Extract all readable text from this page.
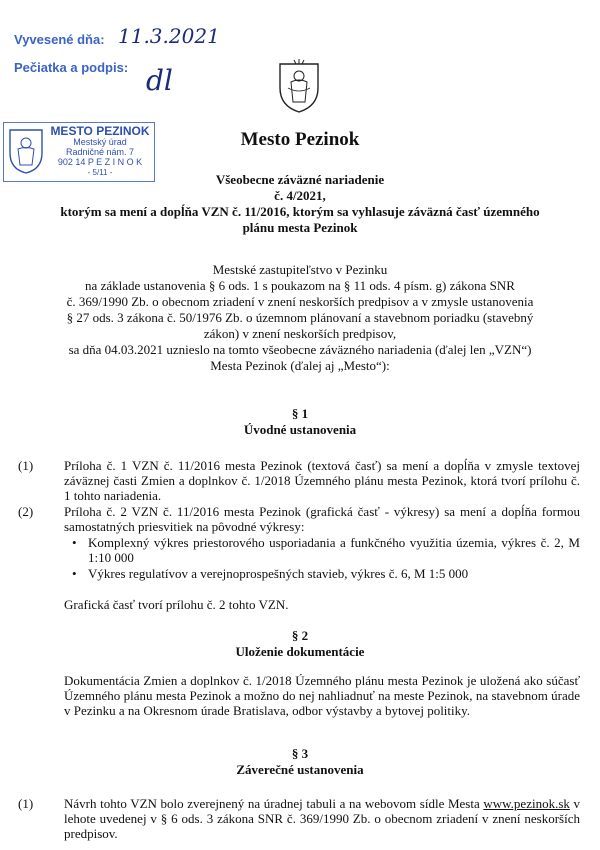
Vyvesené dňa: 11.3.2021
Pečiatka a podpis: dl
MESTO PEZINOK
Mestský úrad
Radničné nám. 7
902 14 P E Z I N O K
- 5/11 -
Mesto Pezinok
Všeobecne záväzné nariadenie
č. 4/2021,
ktorým sa mení a dopĺňa VZN č. 11/2016, ktorým sa vyhlasuje záväzná časť územného
plánu mesta Pezinok
Mestské zastupiteľstvo v Pezinku
na základe ustanovenia § 6 ods. 1 s poukazom na § 11 ods. 4 písm. g) zákona SNR
č. 369/1990 Zb. o obecnom zriadení v znení neskorších predpisov a v zmysle ustanovenia
§ 27 ods. 3 zákona č. 50/1976 Zb. o územnom plánovaní a stavebnom poriadku (stavebný
zákon) v znení neskorších predpisov,
sa dňa 04.03.2021 uznieslo na tomto všeobecne záväzného nariadenia (ďalej len „VZN“)
Mesta Pezinok (ďalej aj „Mesto“):
§ 1
Úvodné ustanovenia
(1) Príloha č. 1 VZN č. 11/2016 mesta Pezinok (textová časť) sa mení a dopĺňa v zmysle textovej záväznej časti Zmien a doplnkov č. 1/2018 Územného plánu mesta Pezinok, ktorá tvorí prílohu č. 1 tohto nariadenia.
(2) Príloha č. 2 VZN č. 11/2016 mesta Pezinok (grafická časť - výkresy) sa mení a dopĺňa formou samostatných priesvitiek na pôvodné výkresy:
• Komplexný výkres priestorového usporiadania a funkčného využitia územia, výkres č. 2, M 1:10 000
• Výkres regulatívov a verejnoprospešných stavieb, výkres č. 6, M 1:5 000
Grafická časť tvorí prílohu č. 2 tohto VZN.
§ 2
Uloženie dokumentácie
Dokumentácia Zmien a doplnkov č. 1/2018 Územného plánu mesta Pezinok je uložená ako súčasť Územného plánu mesta Pezinok a možno do nej nahliadnuť na meste Pezinok, na stavebnom úrade v Pezinku a na Okresnom úrade Bratislava, odbor výstavby a bytovej politiky.
§ 3
Záverečné ustanovenia
(1) Návrh tohto VZN bolo zverejnený na úradnej tabuli a na webovom sídle Mesta www.pezinok.sk v lehote uvedenej v § 6 ods. 3 zákona SNR č. 369/1990 Zb. o obecnom zriadení v znení neskorších predpisov.
